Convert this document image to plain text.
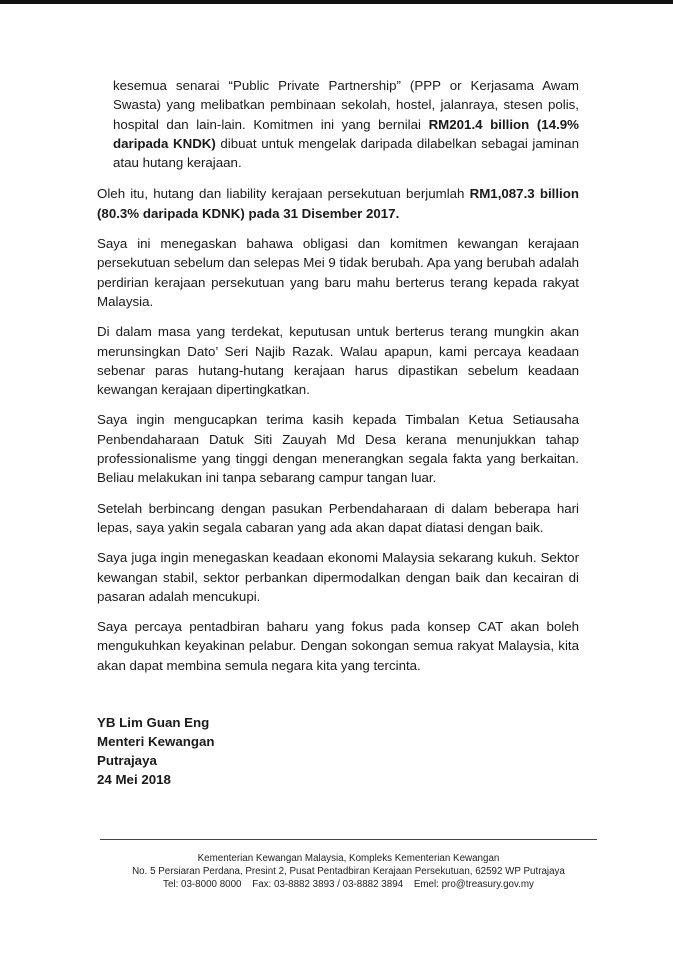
kesemua senarai “Public Private Partnership” (PPP or Kerjasama Awam Swasta) yang melibatkan pembinaan sekolah, hostel, jalanraya, stesen polis, hospital dan lain-lain. Komitmen ini yang bernilai RM201.4 billion (14.9% daripada KNDK) dibuat untuk mengelak daripada dilabelkan sebagai jaminan atau hutang kerajaan.

Oleh itu, hutang dan liability kerajaan persekutuan berjumlah RM1,087.3 billion (80.3% daripada KDNK) pada 31 Disember 2017.

Saya ini menegaskan bahawa obligasi dan komitmen kewangan kerajaan persekutuan sebelum dan selepas Mei 9 tidak berubah. Apa yang berubah adalah perdirian kerajaan persekutuan yang baru mahu berterus terang kepada rakyat Malaysia.

Di dalam masa yang terdekat, keputusan untuk berterus terang mungkin akan merunsingkan Dato’ Seri Najib Razak. Walau apapun, kami percaya keadaan sebenar paras hutang-hutang kerajaan harus dipastikan sebelum keadaan kewangan kerajaan dipertingkatkan.

Saya ingin mengucapkan terima kasih kepada Timbalan Ketua Setiausaha Penbendaharaan Datuk Siti Zauyah Md Desa kerana menunjukkan tahap professionalisme yang tinggi dengan menerangkan segala fakta yang berkaitan. Beliau melakukan ini tanpa sebarang campur tangan luar.

Setelah berbincang dengan pasukan Perbendaharaan di dalam beberapa hari lepas, saya yakin segala cabaran yang ada akan dapat diatasi dengan baik.

Saya juga ingin menegaskan keadaan ekonomi Malaysia sekarang kukuh. Sektor kewangan stabil, sektor perbankan dipermodalkan dengan baik dan kecairan di pasaran adalah mencukupi.

Saya percaya pentadbiran baharu yang fokus pada konsep CAT akan boleh mengukuhkan keyakinan pelabur. Dengan sokongan semua rakyat Malaysia, kita akan dapat membina semula negara kita yang tercinta.

YB Lim Guan Eng
Menteri Kewangan
Putrajaya
24 Mei 2018
Kementerian Kewangan Malaysia, Kompleks Kementerian Kewangan
No. 5 Persiaran Perdana, Presint 2, Pusat Pentadbiran Kerajaan Persekutuan, 62592 WP Putrajaya
Tel: 03-8000 8000 Fax: 03-8882 3893 / 03-8882 3894 Emel: pro@treasury.gov.my
